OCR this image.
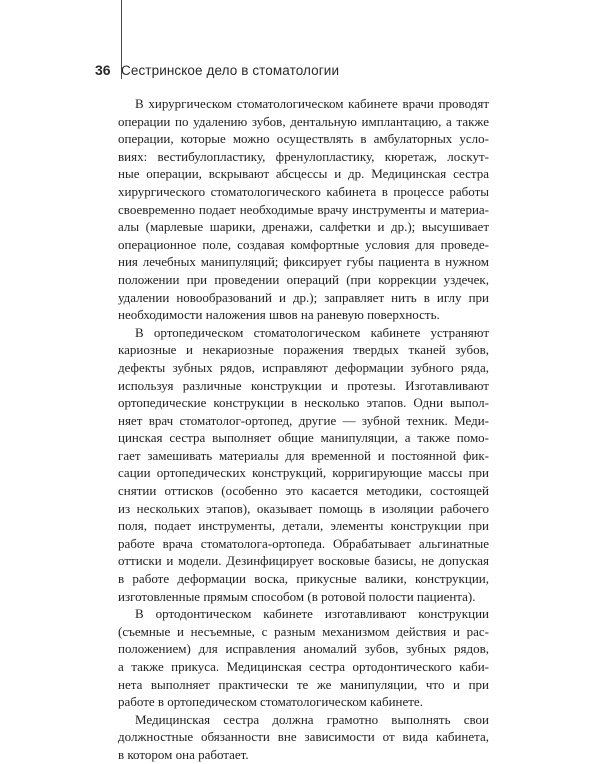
36 Сестринское дело в стоматологии
В хирургическом стоматологическом кабинете врачи проводят
операции по удалению зубов, дентальную имплантацию, а также
операции, которые можно осуществлять в амбулаторных усло-
виях: вестибулопластику, френулопластику, кюретаж, лоскут-
ные операции, вскрывают абсцессы и др. Медицинская сестра
хирургического стоматологического кабинета в процессе работы
своевременно подает необходимые врачу инструменты и материа-
алы (марлевые шарики, дренажи, салфетки и др.); высушивает
операционное поле, создавая комфортные условия для проведе-
ния лечебных манипуляций; фиксирует губы пациента в нужном
положении при проведении операций (при коррекции уздечек,
удалении новообразований и др.); заправляет нить в иглу при
необходимости наложения швов на раневую поверхность.
В ортопедическом стоматологическом кабинете устраняют
кариозные и некариозные поражения твердых тканей зубов,
дефекты зубных рядов, исправляют деформации зубного ряда,
используя различные конструкции и протезы. Изготавливают
ортопедические конструкции в несколько этапов. Одни выпол-
няет врач стоматолог-ортопед, другие — зубной техник. Меди-
цинская сестра выполняет общие манипуляции, а также помо-
гает замешивать материалы для временной и постоянной фик-
сации ортопедических конструкций, корригирующие массы при
снятии оттисков (особенно это касается методики, состоящей
из нескольких этапов), оказывает помощь в изоляции рабочего
поля, подает инструменты, детали, элементы конструкции при
работе врача стоматолога-ортопеда. Обрабатывает альгинатные
оттиски и модели. Дезинфицирует восковые базисы, не допуская
в работе деформации воска, прикусные валики, конструкции,
изготовленные прямым способом (в ротовой полости пациента).
В ортодонтическом кабинете изготавливают конструкции
(съемные и несъемные, с разным механизмом действия и рас-
положением) для исправления аномалий зубов, зубных рядов,
а также прикуса. Медицинская сестра ортодонтического каби-
нета выполняет практически те же манипуляции, что и при
работе в ортопедическом стоматологическом кабинете.
Медицинская сестра должна грамотно выполнять свои
должностные обязанности вне зависимости от вида кабинета,
в котором она работает.
